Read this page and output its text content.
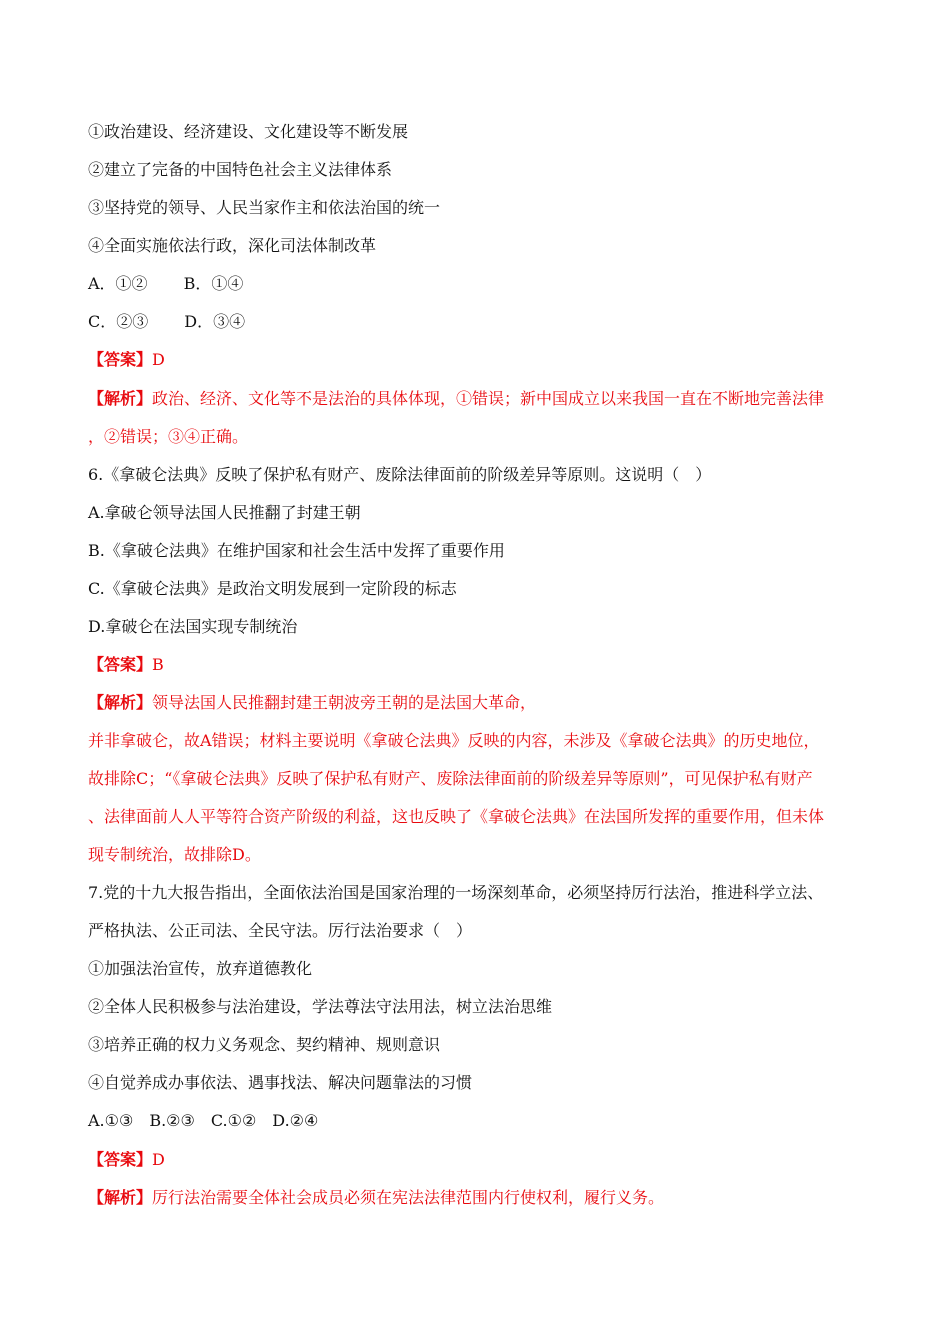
①政治建设、经济建设、文化建设等不断发展
②建立了完备的中国特色社会主义法律体系
③坚持党的领导、人民当家作主和依法治国的统一
④全面实施依法行政，深化司法体制改革
A．①② B．①④
C．②③ D．③④
【答案】D
【解析】政治、经济、文化等不是法治的具体体现，①错误；新中国成立以来我国一直在不断地完善法律
，②错误；③④正确。
6.《拿破仑法典》反映了保护私有财产、废除法律面前的阶级差异等原则。这说明（　）
A.拿破仑领导法国人民推翻了封建王朝
B.《拿破仑法典》在维护国家和社会生活中发挥了重要作用
C.《拿破仑法典》是政治文明发展到一定阶段的标志
D.拿破仑在法国实现专制统治
【答案】B
【解析】领导法国人民推翻封建王朝波旁王朝的是法国大革命，
并非拿破仑，故A错误；材料主要说明《拿破仑法典》反映的内容，未涉及《拿破仑法典》的历史地位，
故排除C；“《拿破仑法典》反映了保护私有财产、废除法律面前的阶级差异等原则”，可见保护私有财产
、法律面前人人平等符合资产阶级的利益，这也反映了《拿破仑法典》在法国所发挥的重要作用，但未体
现专制统治，故排除D。
7.党的十九大报告指出，全面依法治国是国家治理的一场深刻革命，必须坚持厉行法治，推进科学立法、
严格执法、公正司法、全民守法。厉行法治要求（　）
①加强法治宣传，放弃道德教化
②全体人民积极参与法治建设，学法尊法守法用法，树立法治思维
③培养正确的权力义务观念、契约精神、规则意识
④自觉养成办事依法、遇事找法、解决问题靠法的习惯
A.①③　B.②③　C.①②　D.②④
【答案】D
【解析】厉行法治需要全体社会成员必须在宪法法律范围内行使权利，履行义务。
